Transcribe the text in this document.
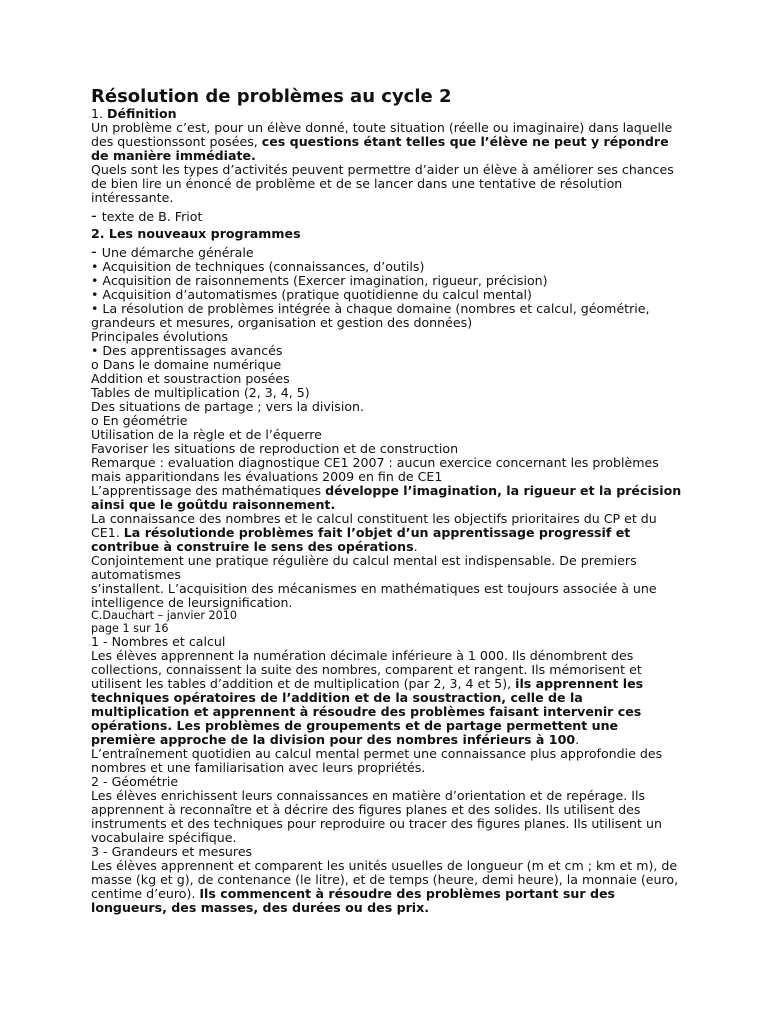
Résolution de problèmes au cycle 2
1. Définition
Un problème c’est, pour un élève donné, toute situation (réelle ou imaginaire) dans laquelle des questionssont posées, ces questions étant telles que l’élève ne peut y répondre de manière immédiate.
Quels sont les types d’activités peuvent permettre d’aider un élève à améliorer ses chances de bien lire un énoncé de problème et de se lancer dans une tentative de résolution intéressante.
- texte de B. Friot
2. Les nouveaux programmes
- Une démarche générale
• Acquisition de techniques (connaissances, d’outils)
• Acquisition de raisonnements (Exercer imagination, rigueur, précision)
• Acquisition d’automatismes (pratique quotidienne du calcul mental)
• La résolution de problèmes intégrée à chaque domaine (nombres et calcul, géométrie, grandeurs et mesures, organisation et gestion des données)
Principales évolutions
• Des apprentissages avancés
o Dans le domaine numérique
Addition et soustraction posées
Tables de multiplication (2, 3, 4, 5)
Des situations de partage ; vers la division.
o En géométrie
Utilisation de la règle et de l’équerre
Favoriser les situations de reproduction et de construction
Remarque : evaluation diagnostique CE1 2007 : aucun exercice concernant les problèmes mais apparitiondans les évaluations 2009 en fin de CE1
L’apprentissage des mathématiques développe l’imagination, la rigueur et la précision ainsi que le goûtdu raisonnement.
La connaissance des nombres et le calcul constituent les objectifs prioritaires du CP et du CE1. La résolutionde problèmes fait l’objet d’un apprentissage progressif et contribue à construire le sens des opérations.
Conjointement une pratique régulière du calcul mental est indispensable. De premiers automatismes
s’installent. L’acquisition des mécanismes en mathématiques est toujours associée à une intelligence de leursignification.
C.Dauchart – janvier 2010
page 1 sur 16
1 - Nombres et calcul
Les élèves apprennent la numération décimale inférieure à 1 000. Ils dénombrent des collections, connaissent la suite des nombres, comparent et rangent. Ils mémorisent et utilisent les tables d’addition et de multiplication (par 2, 3, 4 et 5), ils apprennent les techniques opératoires de l’addition et de la soustraction, celle de la multiplication et apprennent à résoudre des problèmes faisant intervenir ces opérations. Les problèmes de groupements et de partage permettent une première approche de la division pour des nombres inférieurs à 100.
L’entraînement quotidien au calcul mental permet une connaissance plus approfondie des nombres et une familiarisation avec leurs propriétés.
2 - Géométrie
Les élèves enrichissent leurs connaissances en matière d’orientation et de repérage. Ils apprennent à reconnaître et à décrire des figures planes et des solides. Ils utilisent des instruments et des techniques pour reproduire ou tracer des figures planes. Ils utilisent un vocabulaire spécifique.
3 - Grandeurs et mesures
Les élèves apprennent et comparent les unités usuelles de longueur (m et cm ; km et m), de masse (kg et g), de contenance (le litre), et de temps (heure, demi heure), la monnaie (euro, centime d’euro). Ils commencent à résoudre des problèmes portant sur des longueurs, des masses, des durées ou des prix.
